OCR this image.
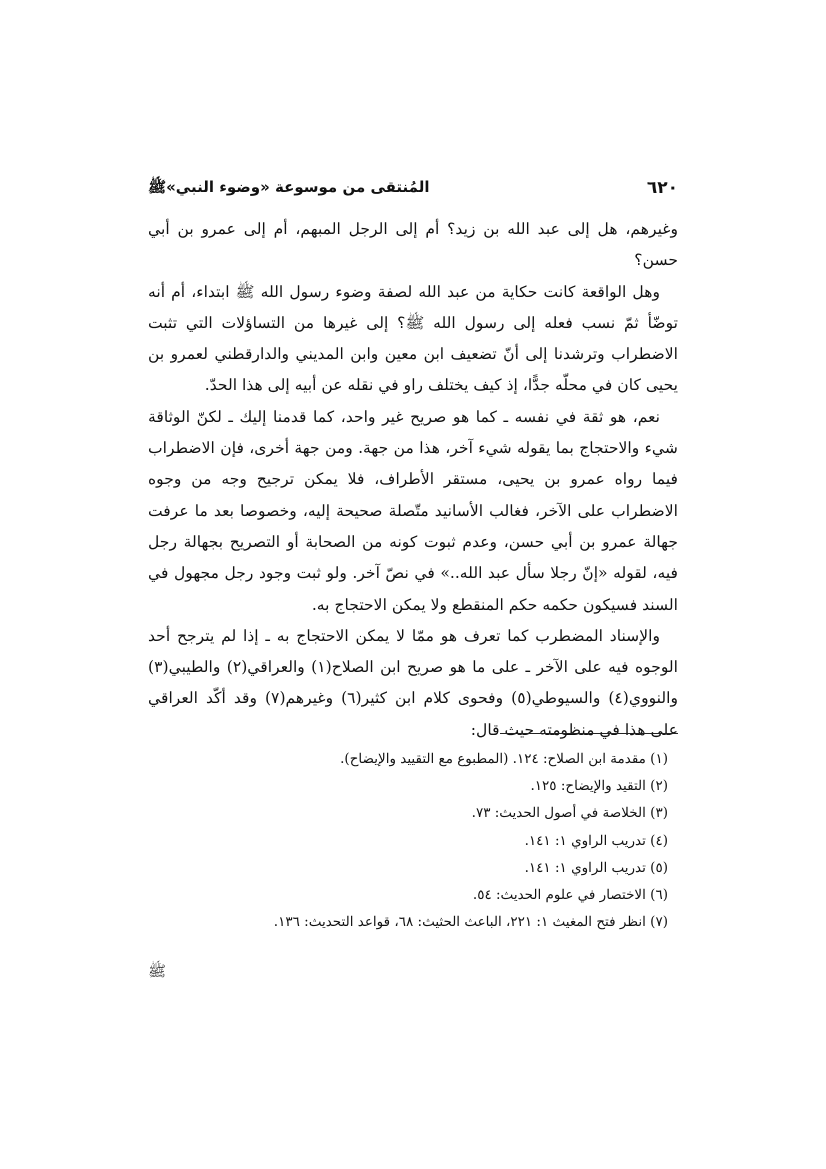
٦٢٠
المُنتقى من موسوعة «وضوء النبي»ﷺ

وغيرهم، هل إلى عبد الله بن زيد؟ أم إلى الرجل المبهم، أم إلى عمرو بن أبي حسن؟

وهل الواقعة كانت حكاية من عبد الله لصفة وضوء رسول الله ﷺ ابتداء، أم أنه توضّأ ثمّ نسب فعله إلى رسول الله ﷺ؟ إلى غيرها من التساؤلات التي تثبت الاضطراب وترشدنا إلى أنّ تضعيف ابن معين وابن المديني والدارقطني لعمرو بن يحيى كان في محلّه جدًّا، إذ كيف يختلف راو في نقله عن أبيه إلى هذا الحدّ.

نعم، هو ثقة في نفسه ـ كما هو صريح غير واحد، كما قدمنا إليك ـ لكنّ الوثاقة شيء والاحتجاج بما يقوله شيء آخر، هذا من جهة. ومن جهة أخرى، فإن الاضطراب فيما رواه عمرو بن يحيى، مستقر الأطراف، فلا يمكن ترجيح وجه من وجوه الاضطراب على الآخر، فغالب الأسانيد متّصلة صحيحة إليه، وخصوصا بعد ما عرفت جهالة عمرو بن أبي حسن، وعدم ثبوت كونه من الصحابة أو التصريح بجهالة رجل فيه، لقوله «إنّ رجلا سأل عبد الله..» في نصّ آخر. ولو ثبت وجود رجل مجهول في السند فسيكون حكمه حكم المنقطع ولا يمكن الاحتجاج به.

والإسناد المضطرب كما تعرف هو ممّا لا يمكن الاحتجاج به ـ إذا لم يترجح أحد الوجوه فيه على الآخر ـ على ما هو صريح ابن الصلاح(١) والعراقي(٢) والطيبي(٣) والنووي(٤) والسيوطي(٥) وفحوى كلام ابن كثير(٦) وغيرهم(٧) وقد أكّد العراقي على هذا في منظومته حيث قال:

(١) مقدمة ابن الصلاح: ١٢٤. (المطبوع مع التقييد والإيضاح).

(٢) التقيد والإيضاح: ١٢٥.

(٣) الخلاصة في أصول الحديث: ٧٣.

(٤) تدريب الراوي ١: ١٤١.

(٥) تدريب الراوي ١: ١٤١.

(٦) الاختصار في علوم الحديث: ٥٤.

(٧) انظر فتح المغيث ١: ٢٢١، الباعث الحثيث: ٦٨، قواعد التحديث: ١٣٦.

ﷺ
